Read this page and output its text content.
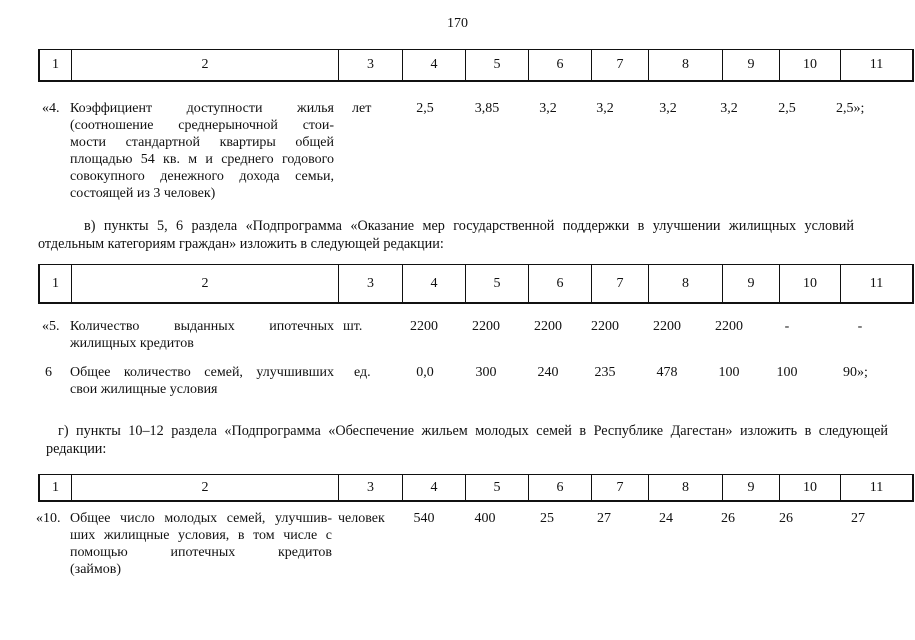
170
1	2	3	4	5	6	7	8	9	10	11
«4. Коэффициент доступности жилья
(соотношение среднерыночной стои-
мости стандартной квартиры общей
площадью 54 кв. м и среднего годового
совокупного денежного дохода семьи,
состоящей из 3 человек)
лет	2,5	3,85	3,2	3,2	3,2	3,2	2,5	2,5»;
в) пункты 5, 6 раздела «Подпрограмма «Оказание мер государственной поддержки в улучшении жилищных условий отдельным категориям граждан» изложить в следующей редакции:
1	2	3	4	5	6	7	8	9	10	11
«5. Количество выданных ипотечных
жилищных кредитов
шт.	2200	2200	2200	2200	2200	2200	-	-
6 Общее количество семей, улучшивших
свои жилищные условия
ед.	0,0	300	240	235	478	100	100	90»;
г) пункты 10–12 раздела «Подпрограмма «Обеспечение жильем молодых семей в Республике Дагестан» изложить в следующей редакции:
1	2	3	4	5	6	7	8	9	10	11
«10. Общее число молодых семей, улучшив-
ших жилищные условия, в том числе с
помощью ипотечных кредитов
(займов)
человек	540	400	25	27	24	26	26	27
